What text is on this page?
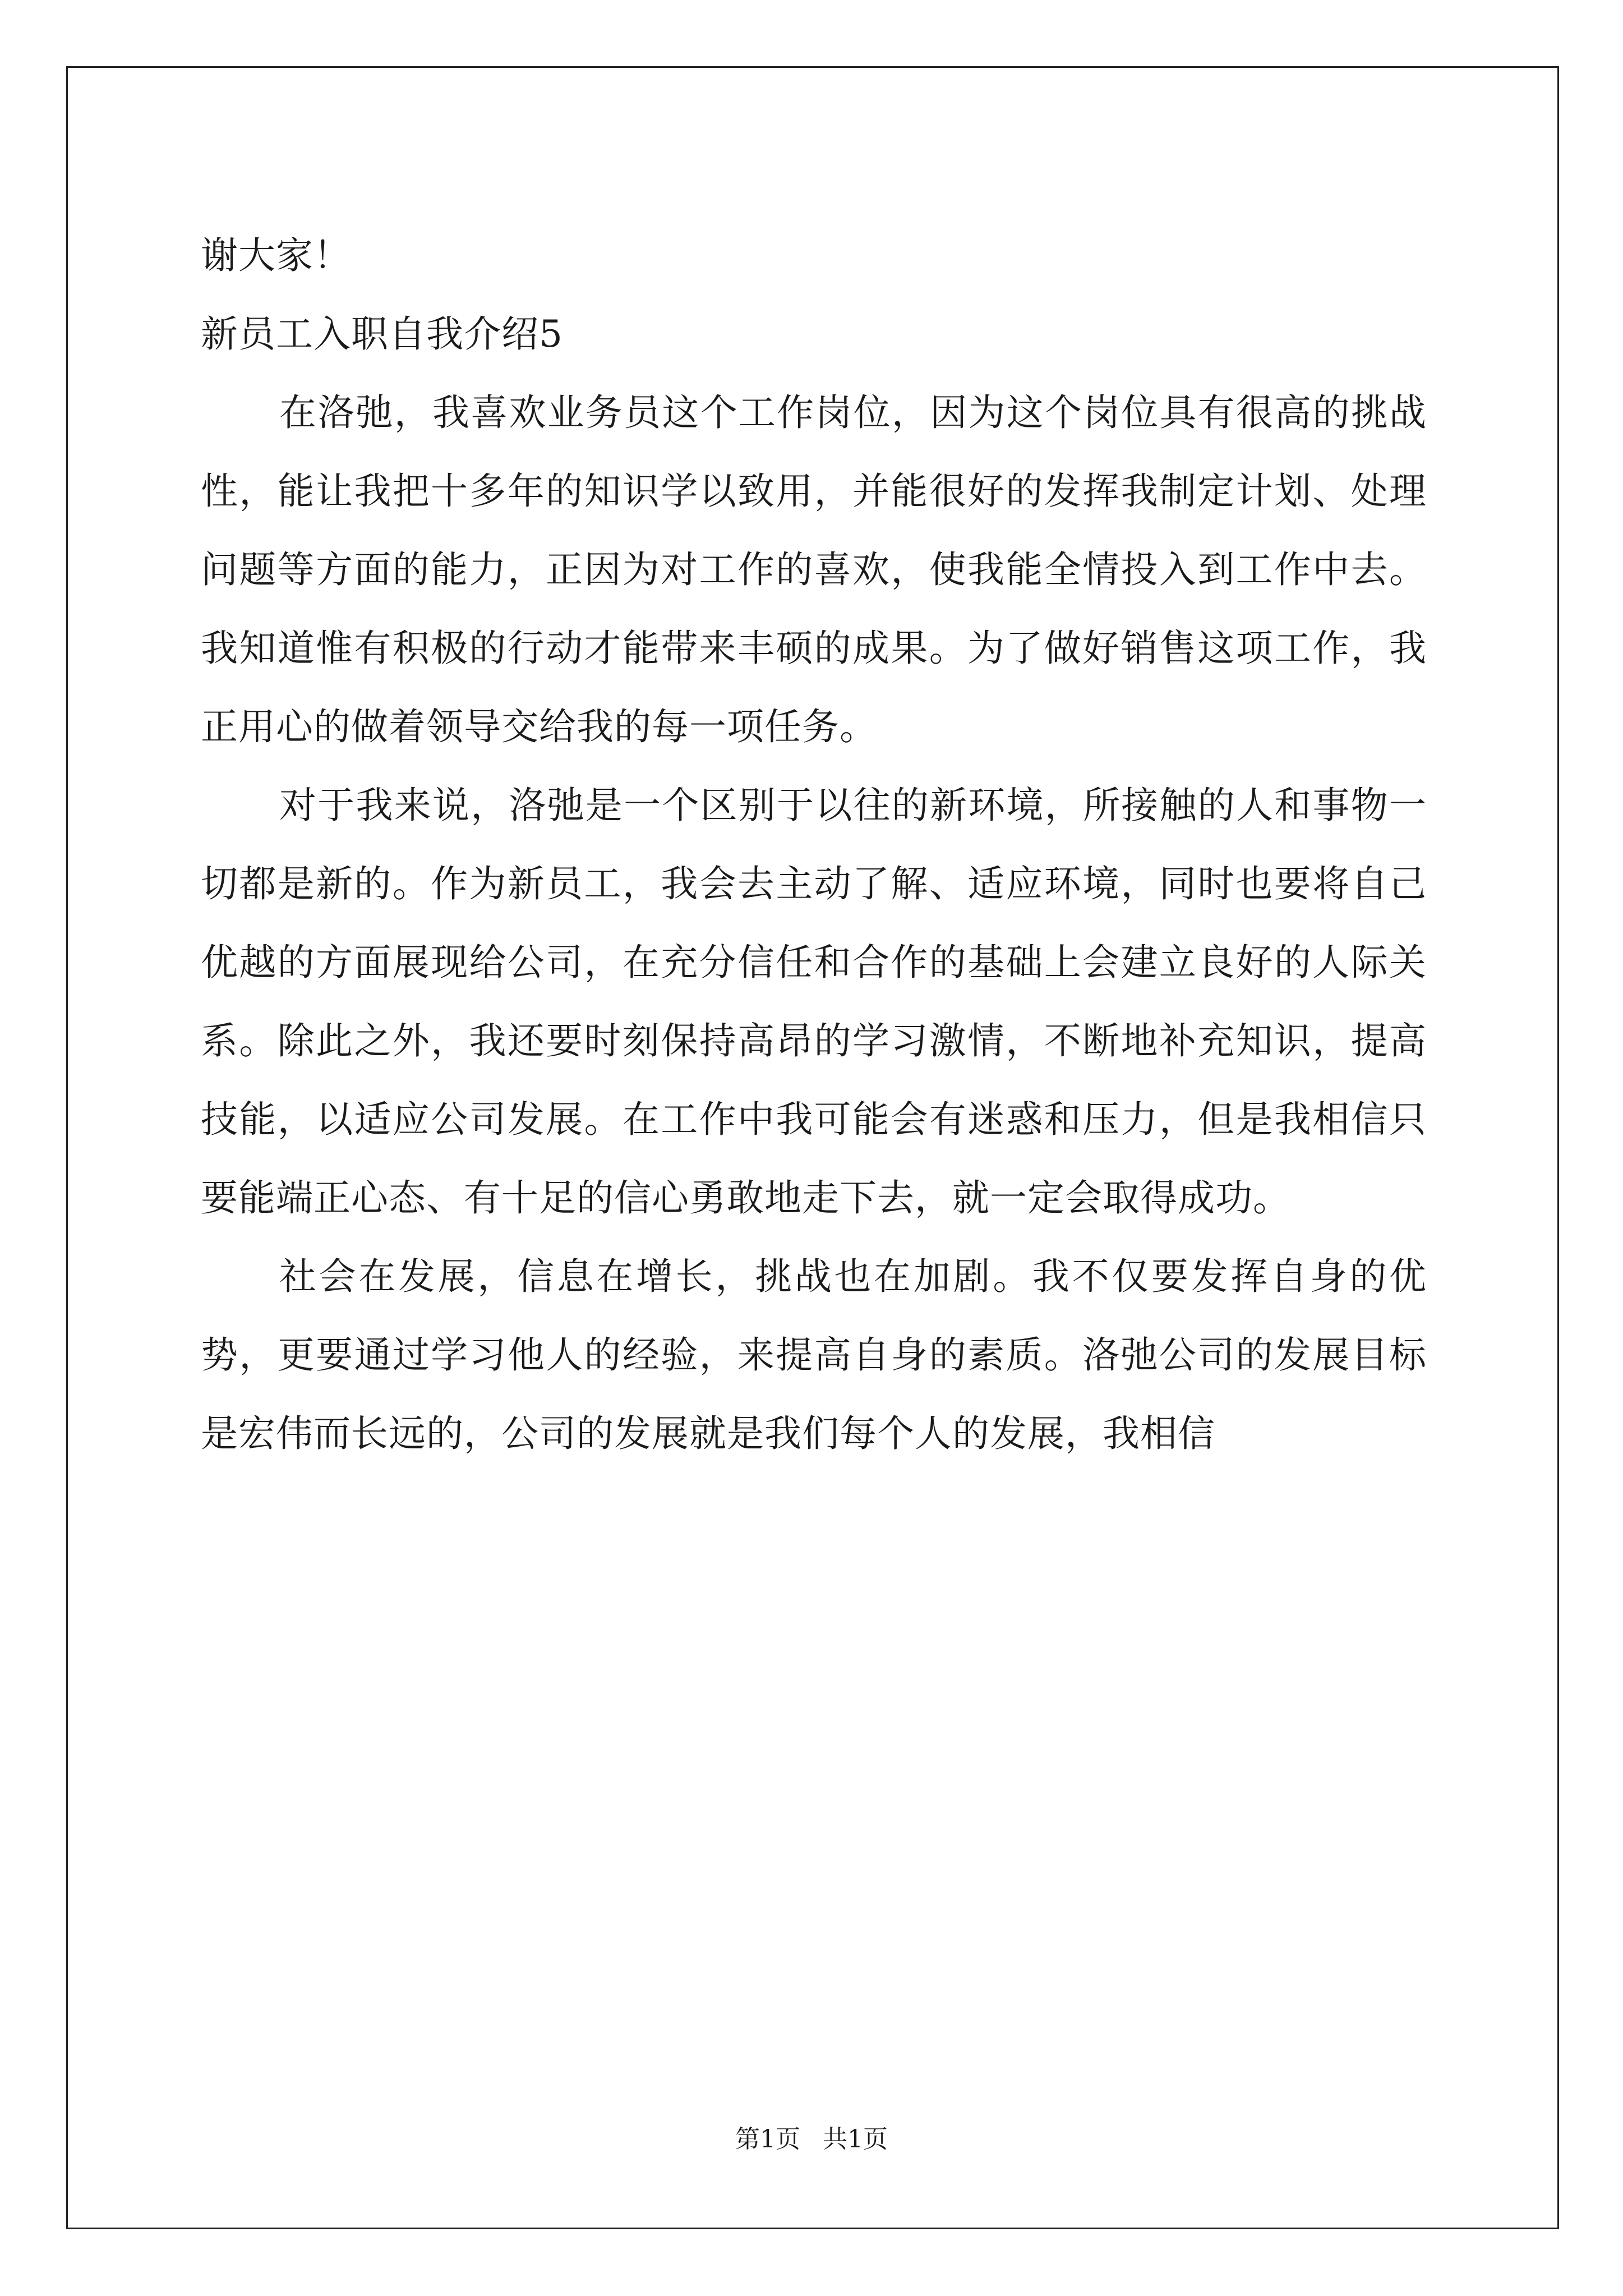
谢大家！
新员工入职自我介绍5

在洛弛，我喜欢业务员这个工作岗位，因为这个岗位具有很高的挑战性，能让我把十多年的知识学以致用，并能很好的发挥我制定计划、处理问题等方面的能力，正因为对工作的喜欢，使我能全情投入到工作中去。我知道惟有积极的行动才能带来丰硕的成果。为了做好销售这项工作，我正用心的做着领导交给我的每一项任务。

对于我来说，洛弛是一个区别于以往的新环境，所接触的人和事物一切都是新的。作为新员工，我会去主动了解、适应环境，同时也要将自己优越的方面展现给公司，在充分信任和合作的基础上会建立良好的人际关系。除此之外，我还要时刻保持高昂的学习激情，不断地补充知识，提高技能，以适应公司发展。在工作中我可能会有迷惑和压力，但是我相信只要能端正心态、有十足的信心勇敢地走下去，就一定会取得成功。

社会在发展，信息在增长，挑战也在加剧。我不仅要发挥自身的优势，更要通过学习他人的经验，来提高自身的素质。洛弛公司的发展目标是宏伟而长远的，公司的发展就是我们每个人的发展，我相信

第1页 共1页
